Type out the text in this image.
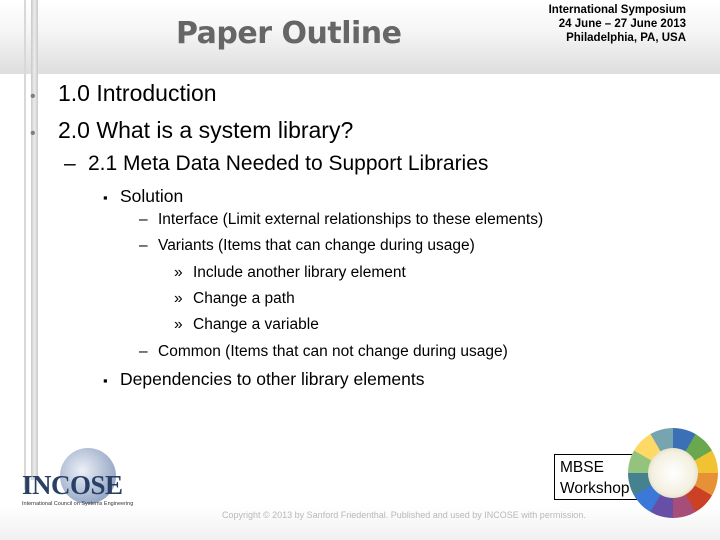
Paper Outline
International Symposium
24 June – 27 June 2013
Philadelphia, PA, USA
• 1.0 Introduction
• 2.0 What is a system library?
– 2.1 Meta Data Needed to Support Libraries
▪ Solution
– Interface (Limit external relationships to these elements)
– Variants (Items that can change during usage)
» Include another library element
» Change a path
» Change a variable
– Common (Items that can not change during usage)
▪ Dependencies to other library elements
Copyright © 2013 by Sanford Friedenthal. Published and used by INCOSE with permission.
INCOSE
International Council on Systems Engineering
MBSE
Workshop
